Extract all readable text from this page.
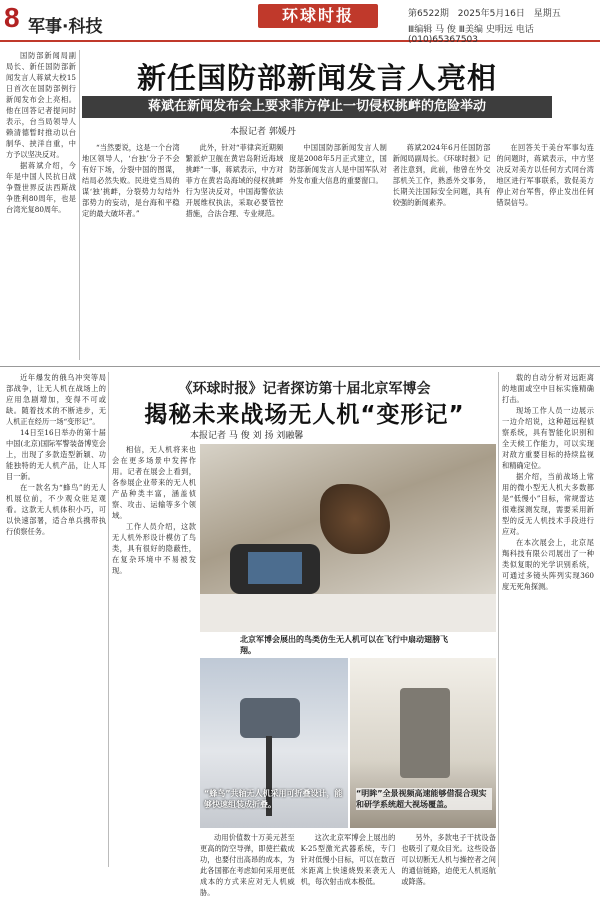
8 军事·科技
环球时报	第6522期 2025年5月16日 星期五
Ⅲ编辑 马 俊 Ⅲ美编 史明远 电话(010)65367503

国防部新闻局副局长、新任国防部新闻发言人蒋斌大校15日首次在国防部例行新闻发布会上亮相。他在回答记者提问时表示，台当局领导人赖清德暂时推动以台制华、挟洋自重，中方予以坚决反对。

据蒋斌介绍，今年是中国人民抗日战争暨世界反法西斯战争胜利80周年，也是台湾光复80周年。

新任国防部新闻发言人亮相
蒋斌在新闻发布会上要求菲方停止一切侵权挑衅的危险举动
本报记者 郭媛丹

“当然要说，这是一个台湾地区领导人，‘台独’分子不会有好下场，分裂中国的图谋，结局必然失败。民进党当局的谋‘独’挑衅，分裂势力勾结外部势力的妄动，是台海和平稳定的最大破坏者。”

此外，针对“菲律宾近期频繁派炉卫舰在黄岩岛附近海域挑衅”一事，蒋斌表示，中方对菲方在黄岩岛海域的侵权挑衅行为坚决反对，中国海警依法开展维权执法，采取必要管控措施，合法合理、专业规范。

中国国防部新闻发言人制度是2008年5月正式建立，国防部新闻发言人是中国军队对外发布重大信息的重要窗口。

蒋斌2024年6月任国防部新闻局副局长。《环球时报》记者注意到，此前，他曾在外交部机关工作，熟悉外交事务，长期关注国际安全问题，具有较强的新闻素养。

在回答关于美台军事勾连的问题时，蒋斌表示，中方坚决反对美方以任何方式同台湾地区进行军事联系，敦促美方停止对台军售，停止发出任何错误信号。

近年爆发的俄乌冲突等局部战争，让无人机在战场上的应用急剧增加，变得不可或缺。随着技术的不断进步，无人机正在经历一场“变形记”。

14日至16日举办的第十届中国(北京)国际军警装备博览会上，出现了多款造型新颖、功能独特的无人机产品，让人耳目一新。

在一款名为“蜂鸟”的无人机展位前，不少观众驻足观看。这款无人机体积小巧，可以快速部署，适合单兵携带执行侦察任务。

《环球时报》记者探访第十届北京军博会
揭秘未来战场无人机“变形记”
本报记者 马 俊 刘 扬 刘融馨

相信，无人机将来也会在更多场景中发挥作用。记者在展会上看到，各参展企业带来的无人机产品种类丰富，涵盖侦察、攻击、运输等多个领域。

工作人员介绍，这款无人机外形设计模仿了鸟类，具有很好的隐蔽性，在复杂环境中不易被发现。

北京军博会展出的鸟类仿生无人机可以在飞行中扇动翅膀飞翔。
“蜂鸟”共轴无人机采用可折叠设计，能够快速组装成折叠。
“明眸”全景视频高速能够借混合现实和研学系统超大视场覆盖。

动用价值数十万美元甚至更高的防空导弹，即使拦截成功，也要付出高昂的成本，为此各国都在考虑如何采用更低成本的方式来应对无人机威胁。

这次北京军博会上展出的K-25型激光武器系统，专门针对低慢小目标，可以在数百米距离上快速烧毁来袭无人机，每次射击成本极低。

另外，多款电子干扰设备也吸引了观众目光。这些设备可以切断无人机与操控者之间的通信链路，迫使无人机返航或降落。

载的自动分析对远距离的地面或空中目标实施精确打击。

现场工作人员一边展示一边介绍说，这种超远程侦察系统，具有智能化识别和全天候工作能力，可以实现对敌方重要目标的持续监视和精确定位。

据介绍，当前战场上常用的微小型无人机大多数都是“低慢小”目标，常规雷达很难探测发现，需要采用新型的反无人机技术手段进行应对。

在本次展会上，北京尾羯科技有限公司展出了一种类似复眼的光学识别系统，可通过多镜头阵列实现360度无死角探测。
